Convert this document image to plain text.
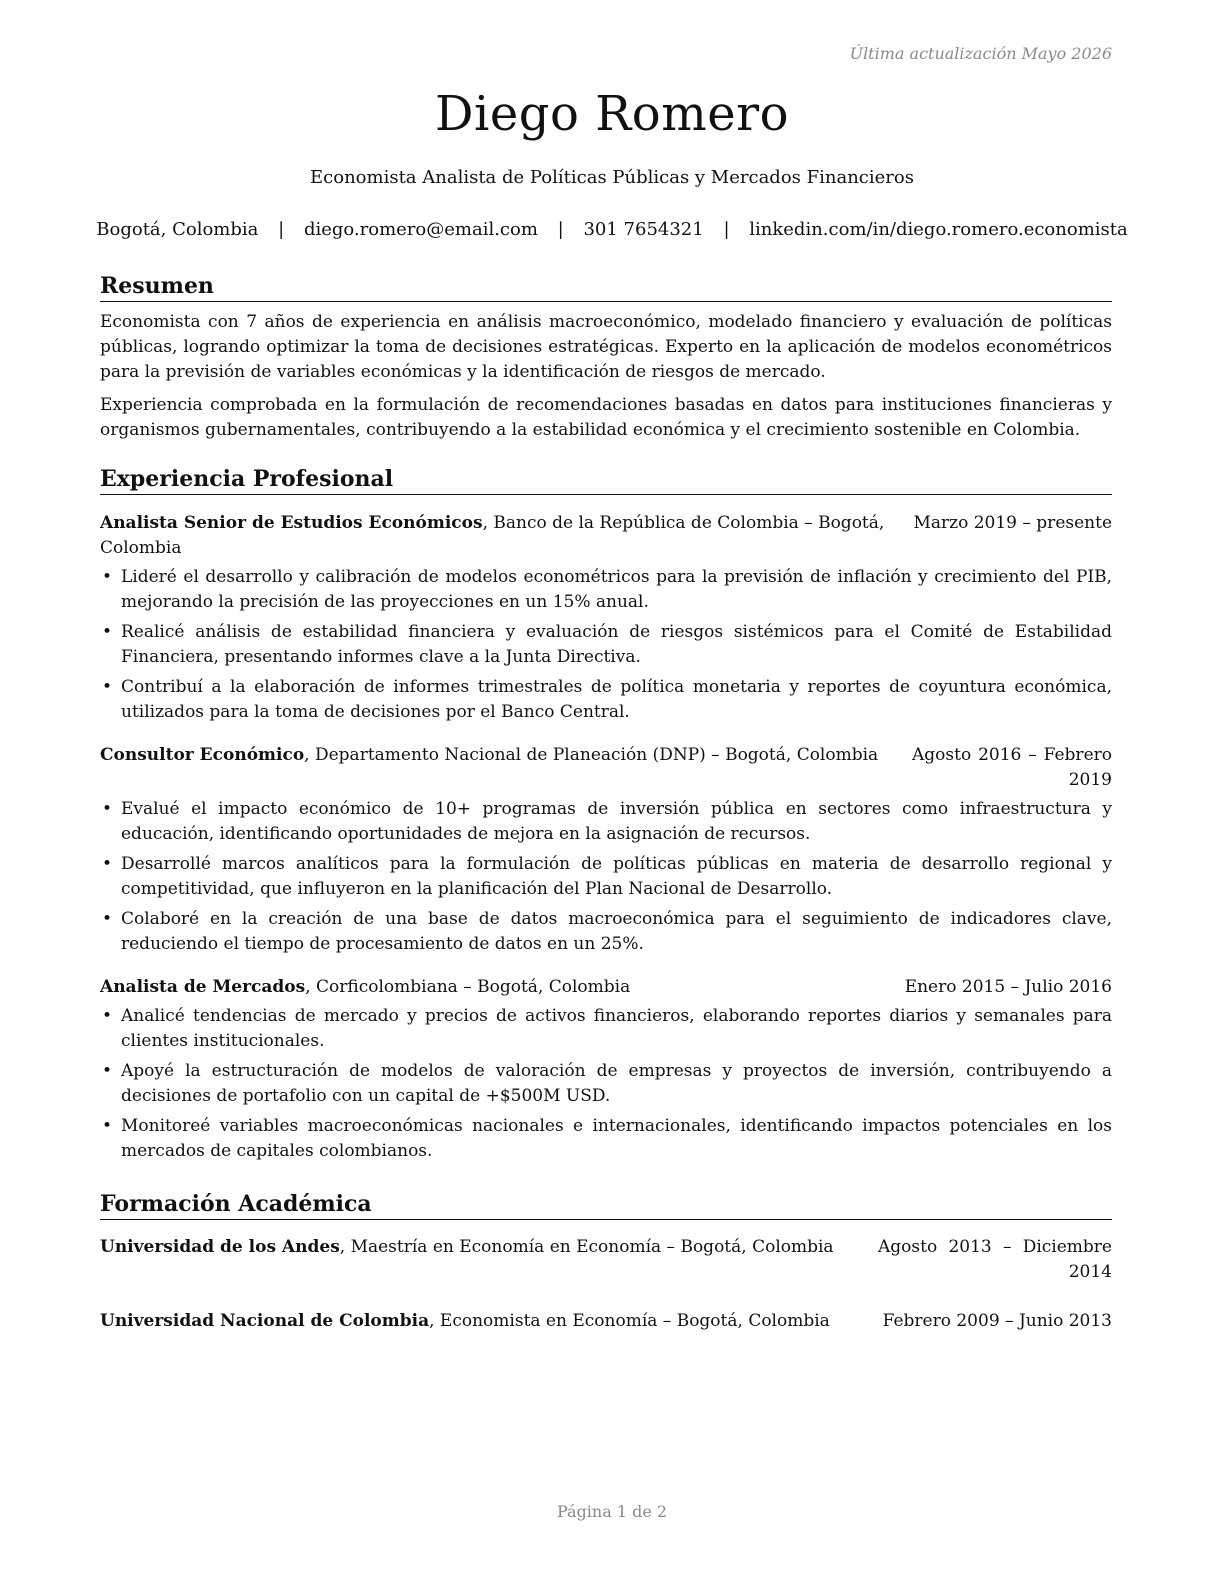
Última actualización Mayo 2026
Diego Romero
Economista Analista de Políticas Públicas y Mercados Financieros
Bogotá, Colombia | diego.romero@email.com | 301 7654321 | linkedin.com/in/diego.romero.economista
Resumen
Economista con 7 años de experiencia en análisis macroeconómico, modelado financiero y evaluación de políticas públicas, logrando optimizar la toma de decisiones estratégicas. Experto en la aplicación de modelos econométricos para la previsión de variables económicas y la identificación de riesgos de mercado.
Experiencia comprobada en la formulación de recomendaciones basadas en datos para instituciones financieras y organismos gubernamentales, contribuyendo a la estabilidad económica y el crecimiento sostenible en Colombia.
Experiencia Profesional
Analista Senior de Estudios Económicos, Banco de la República de Colombia – Bogotá, Colombia
Marzo 2019 – presente
• Lideré el desarrollo y calibración de modelos econométricos para la previsión de inflación y crecimiento del PIB, mejorando la precisión de las proyecciones en un 15% anual.
• Realicé análisis de estabilidad financiera y evaluación de riesgos sistémicos para el Comité de Estabilidad Financiera, presentando informes clave a la Junta Directiva.
• Contribuí a la elaboración de informes trimestrales de política monetaria y reportes de coyuntura económica, utilizados para la toma de decisiones por el Banco Central.
Consultor Económico, Departamento Nacional de Planeación (DNP) – Bogotá, Colombia	Agosto 2016 – Febrero 2019
• Evalué el impacto económico de 10+ programas de inversión pública en sectores como infraestructura y educación, identificando oportunidades de mejora en la asignación de recursos.
• Desarrollé marcos analíticos para la formulación de políticas públicas en materia de desarrollo regional y competitividad, que influyeron en la planificación del Plan Nacional de Desarrollo.
• Colaboré en la creación de una base de datos macroeconómica para el seguimiento de indicadores clave, reduciendo el tiempo de procesamiento de datos en un 25%.
Analista de Mercados, Corficolombiana – Bogotá, Colombia	Enero 2015 – Julio 2016
• Analicé tendencias de mercado y precios de activos financieros, elaborando reportes diarios y semanales para clientes institucionales.
• Apoyé la estructuración de modelos de valoración de empresas y proyectos de inversión, contribuyendo a decisiones de portafolio con un capital de +$500M USD.
• Monitoreé variables macroeconómicas nacionales e internacionales, identificando impactos potenciales en los mercados de capitales colombianos.
Formación Académica
Universidad de los Andes, Maestría en Economía en Economía – Bogotá, Colombia	Agosto 2013 – Diciembre 2014
Universidad Nacional de Colombia, Economista en Economía – Bogotá, Colombia	Febrero 2009 – Junio 2013
Página 1 de 2
